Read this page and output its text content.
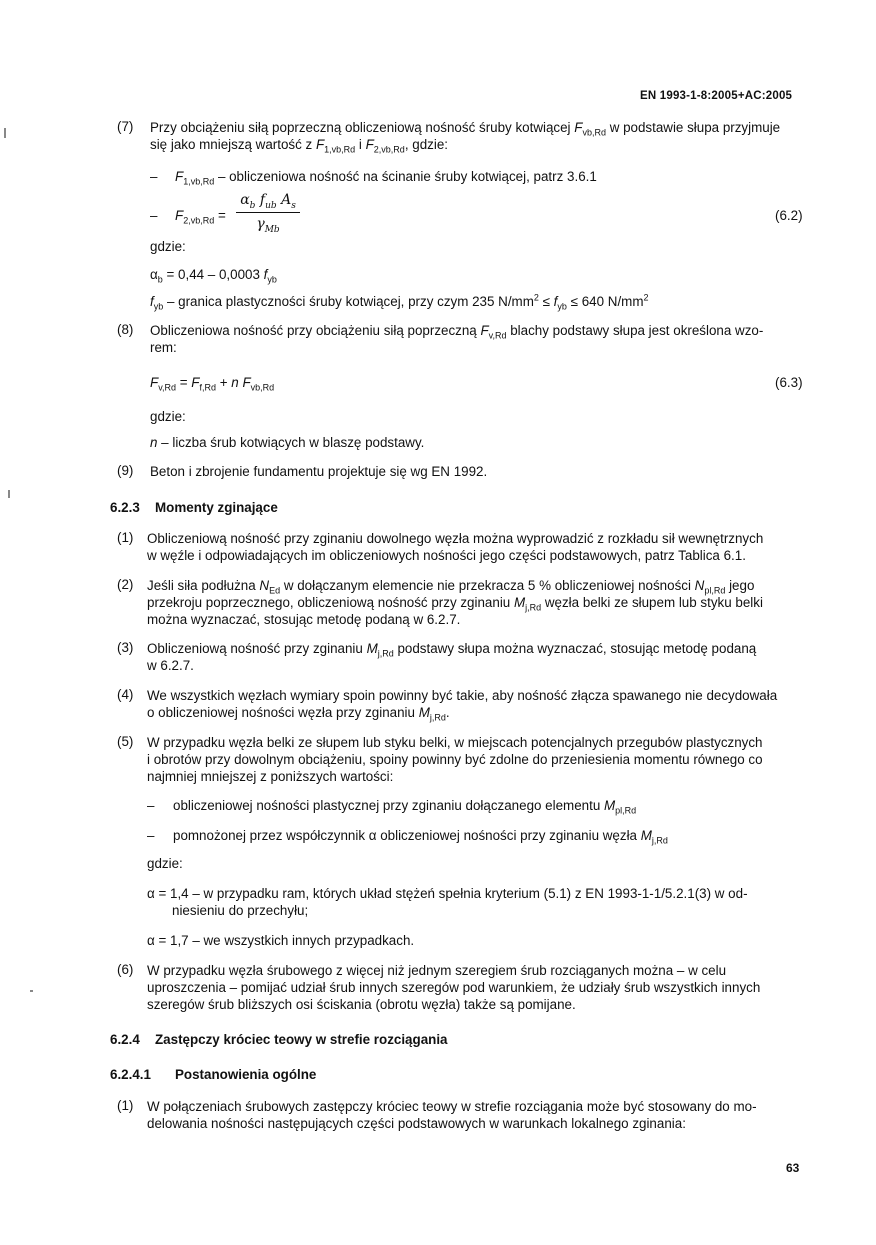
EN 1993-1-8:2005+AC:2005
(7) Przy obciążeniu siłą poprzeczną obliczeniową nośność śruby kotwiącej $F_{vb,Rd}$ w podstawie słupa przyjmuje
się jako mniejszą wartość z $F_{1,vb,Rd}$ i $F_{2,vb,Rd}$, gdzie:
– $F_{1,vb,Rd}$ – obliczeniowa nośność na ścinanie śruby kotwiącej, patrz 3.6.1
– $F_{2,vb,Rd}$ =
$\alpha_b$ $f_{ub}$ $A_s$
$\gamma_{Mb}$
(6.2)
gdzie:
$\alpha_b = 0,44 - 0,0003$ $f_{yb}$
$f_{yb}$ – granica plastyczności śruby kotwiącej, przy czym 235 $N/mm^2 \le f_{yb} \le 640$ $N/mm^2$
(8) Obliczeniowa nośność przy obciążeniu siłą poprzeczną $F_{v,Rd}$ blachy podstawy słupa jest określona wzo-
rem:
$F_{v,Rd} = F_{f,Rd} + n$ $F_{vb,Rd}$	(6.3)
gdzie:
n – liczba śrub kotwiących w blaszę podstawy.
(9) Beton i zbrojenie fundamentu projektuje się wg EN 1992.
6.2.3 Momenty zginające
(1) Obliczeniową nośność przy zginaniu dowolnego węzła można wyprowadzić z rozkładu sił wewnętrznych
w węźle i odpowiadających im obliczeniowych nośności jego części podstawowych, patrz Tablica 6.1.
(2) Jeśli siła podłużna $N_{Ed}$ w dołączanym elemencie nie przekracza 5 % obliczeniowej nośności $N_{pl,Rd}$ jego
przekroju poprzecznego, obliczeniową nośność przy zginaniu $M_{j,Rd}$ węzła belki ze słupem lub styku belki
można wyznaczać, stosując metodę podaną w 6.2.7.
(3) Obliczeniową nośność przy zginaniu $M_{j,Rd}$ podstawy słupa można wyznaczać, stosując metodę podaną
w 6.2.7.
(4) We wszystkich węzłach wymiary spoin powinny być takie, aby nośność złącza spawanego nie decydowała
o obliczeniowej nośności węzła przy zginaniu $M_{j,Rd}$.
(5) W przypadku węzła belki ze słupem lub styku belki, w miejscach potencjalnych przegubów plastycznych
i obrotów przy dowolnym obciążeniu, spoiny powinny być zdolne do przeniesienia momentu równego co
najmniej mniejszej z poniższych wartości:
– obliczeniowej nośności plastycznej przy zginaniu dołączanego elementu $M_{pl,Rd}$
– pomnożonej przez współczynnik α obliczeniowej nośności przy zginaniu węzła $M_{j,Rd}$
gdzie:
α = 1,4 – w przypadku ram, których układ stężeń spełnia kryterium (5.1) z EN 1993-1-1/5.2.1(3) w od-
niesieniu do przechyłu;
α = 1,7 – we wszystkich innych przypadkach.
(6) W przypadku węzła śrubowego z więcej niż jednym szeregiem śrub rozciąganych można – w celu
uproszczenia – pomijać udział śrub innych szeregów pod warunkiem, że udziały śrub wszystkich innych
szeregów śrub bliższych osi ściskania (obrotu węzła) także są pomijane.
6.2.4 Zastępczy króciec teowy w strefie rozciągania
6.2.4.1 Postanowienia ogólne
(1) W połączeniach śrubowych zastępczy króciec teowy w strefie rozciągania może być stosowany do mo-
delowania nośności następujących części podstawowych w warunkach lokalnego zginania:
63
